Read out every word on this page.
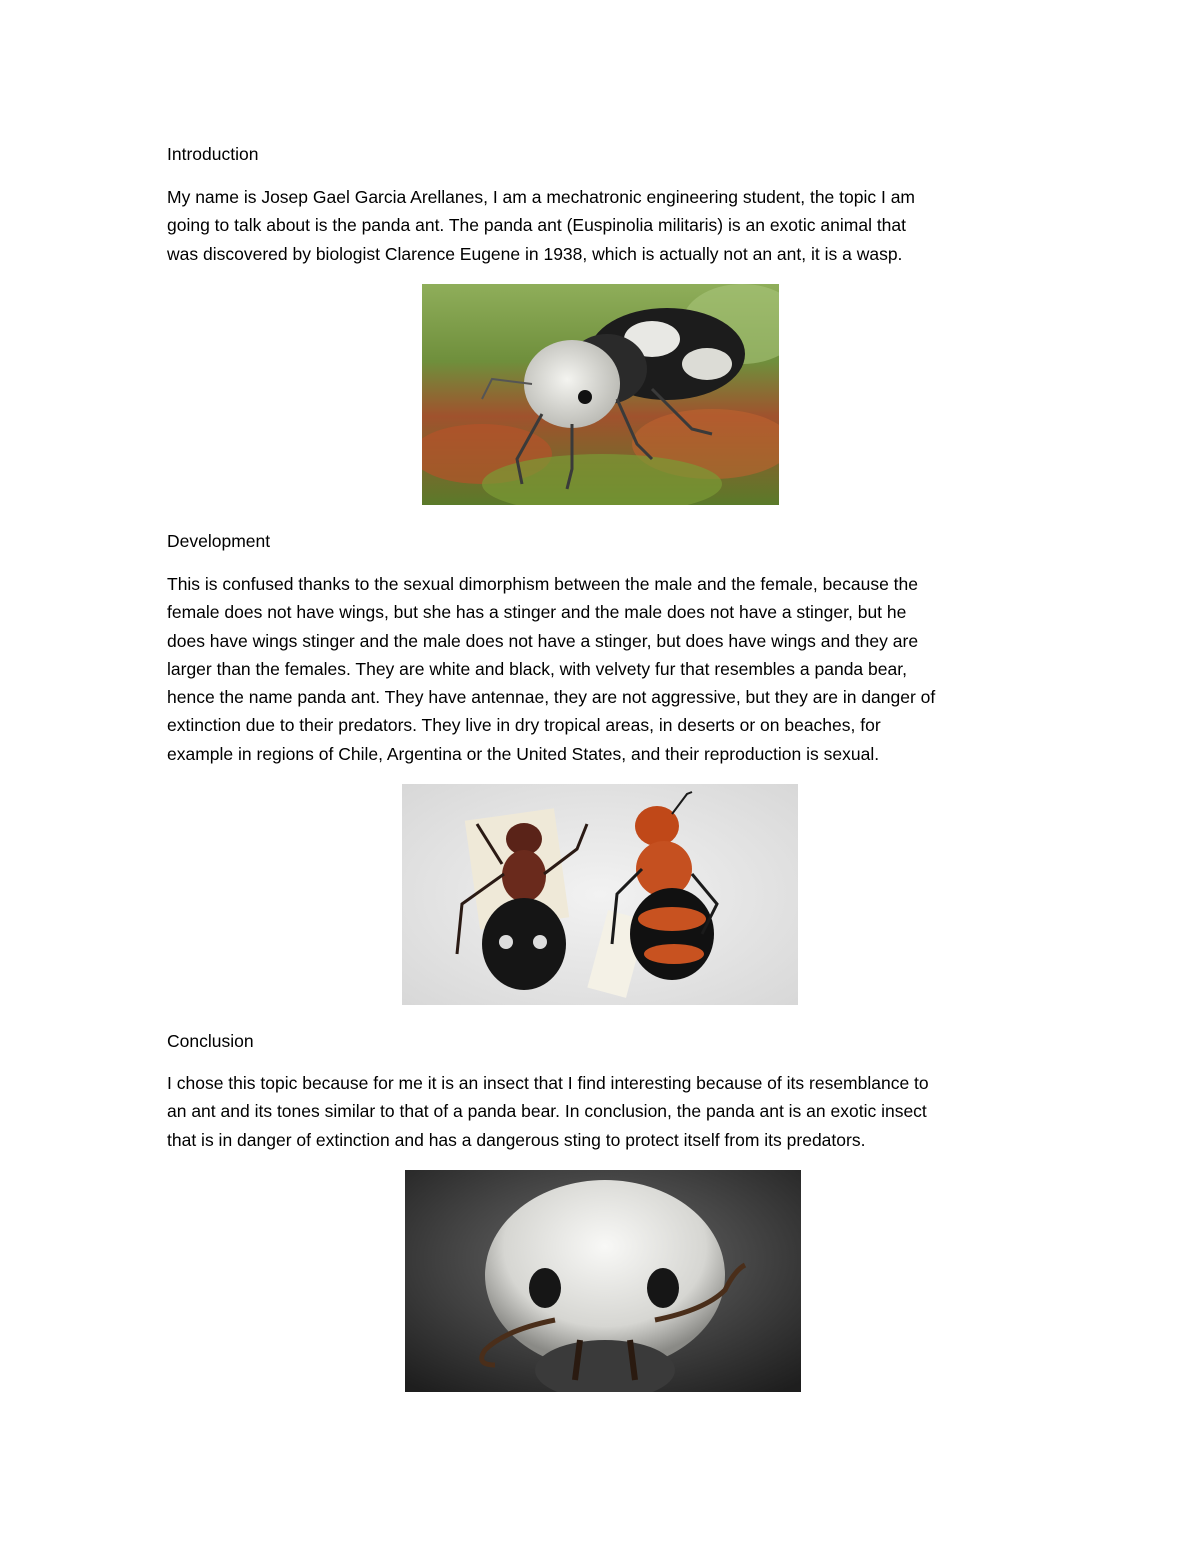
Introduction

My name is Josep Gael Garcia Arellanes, I am a mechatronic engineering student, the topic I am
going to talk about is the panda ant. The panda ant (Euspinolia militaris) is an exotic animal that
was discovered by biologist Clarence Eugene in 1938, which is actually not an ant, it is a wasp.

Development

This is confused thanks to the sexual dimorphism between the male and the female, because the
female does not have wings, but she has a stinger and the male does not have a stinger, but he
does have wings stinger and the male does not have a stinger, but does have wings and they are
larger than the females. They are white and black, with velvety fur that resembles a panda bear,
hence the name panda ant. They have antennae, they are not aggressive, but they are in danger of
extinction due to their predators. They live in dry tropical areas, in deserts or on beaches, for
example in regions of Chile, Argentina or the United States, and their reproduction is sexual.

Conclusion

I chose this topic because for me it is an insect that I find interesting because of its resemblance to
an ant and its tones similar to that of a panda bear. In conclusion, the panda ant is an exotic insect
that is in danger of extinction and has a dangerous sting to protect itself from its predators.
